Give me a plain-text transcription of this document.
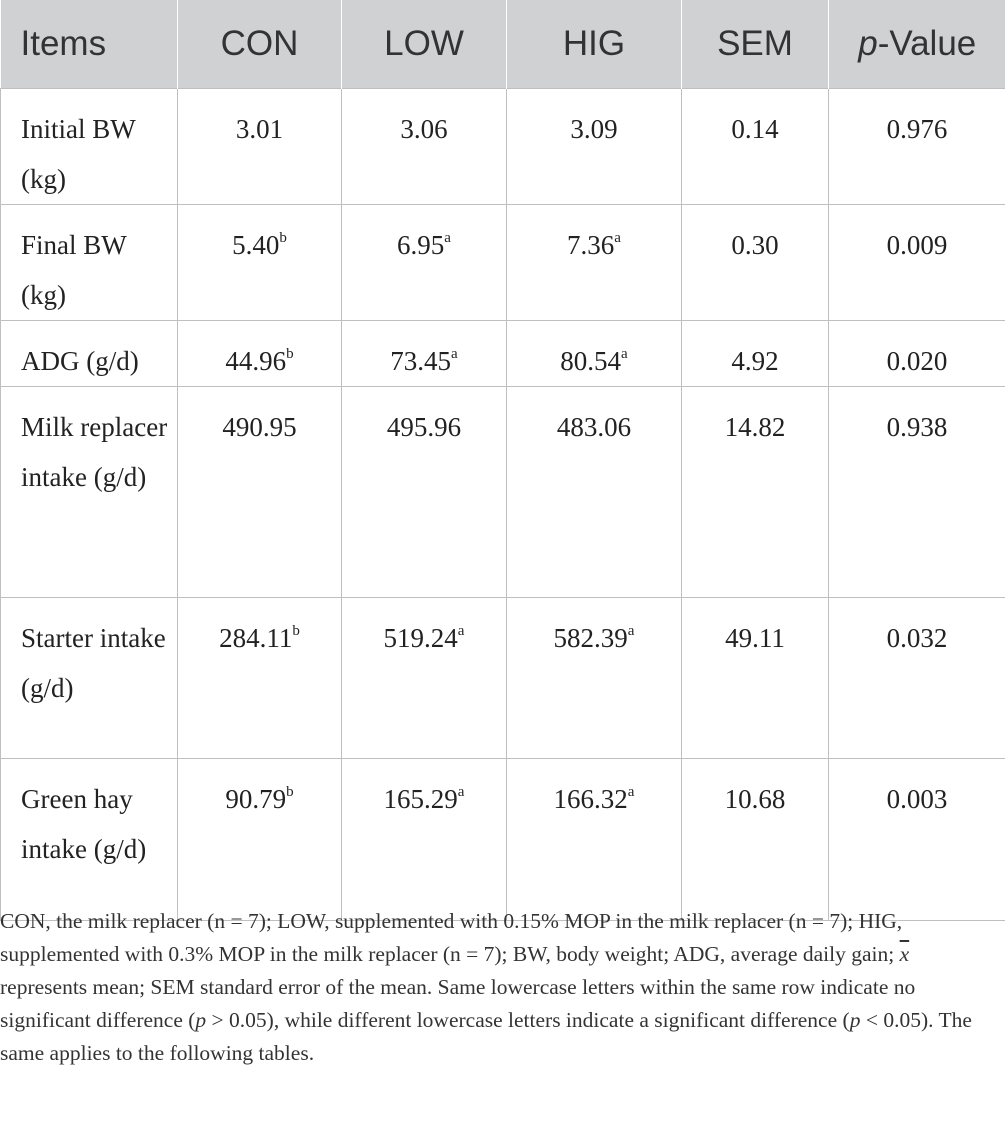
Items	CON	LOW	HIG	SEM	p-Value
Initial BW (kg)	3.01	3.06	3.09	0.14	0.976
Final BW (kg)	5.40$^b$	6.95$^a$	7.36$^a$	0.30	0.009
ADG (g/d)	44.96$^b$	73.45$^a$	80.54$^a$	4.92	0.020
Milk replacer intake (g/d)	490.95	495.96	483.06	14.82	0.938
Starter intake (g/d)	284.11$^b$	519.24$^a$	582.39$^a$	49.11	0.032
Green hay intake (g/d)	90.79$^b$	165.29$^a$	166.32$^a$	10.68	0.003
CON, the milk replacer (n = 7); LOW, supplemented with 0.15% MOP in the milk replacer (n = 7); HIG, supplemented with 0.3% MOP in the milk replacer (n = 7); BW, body weight; ADG, average daily gain; $\overline{x}$ represents mean; SEM standard error of the mean. Same lowercase letters within the same row indicate no significant difference (p > 0.05), while different lowercase letters indicate a significant difference (p < 0.05). The same applies to the following tables.
